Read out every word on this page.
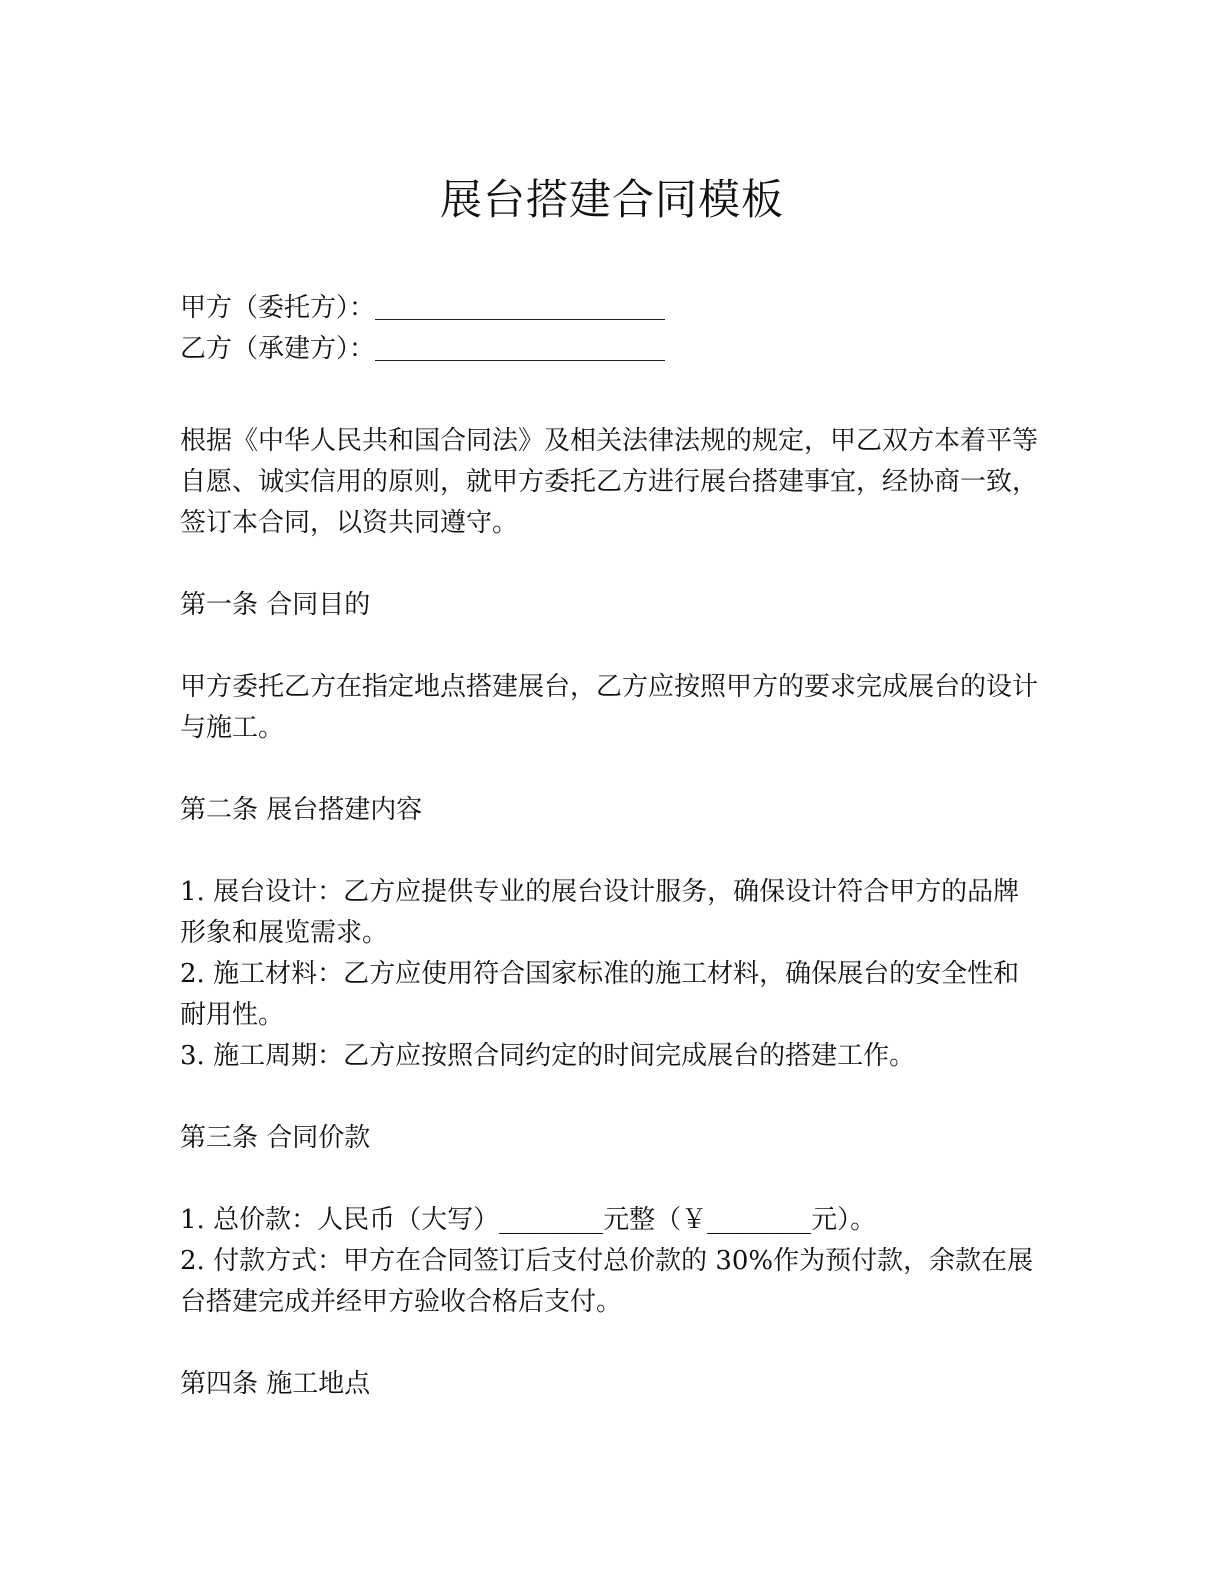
展台搭建合同模板
甲方（委托方）：
乙方（承建方）：
根据《中华人民共和国合同法》及相关法律法规的规定，甲乙双方本着平等自愿、诚实信用的原则，就甲方委托乙方进行展台搭建事宜，经协商一致，签订本合同，以资共同遵守。
第一条 合同目的
甲方委托乙方在指定地点搭建展台，乙方应按照甲方的要求完成展台的设计与施工。
第二条 展台搭建内容
1. 展台设计：乙方应提供专业的展台设计服务，确保设计符合甲方的品牌形象和展览需求。
2. 施工材料：乙方应使用符合国家标准的施工材料，确保展台的安全性和耐用性。
3. 施工周期：乙方应按照合同约定的时间完成展台的搭建工作。
第三条 合同价款
1. 总价款：人民币（大写）________元整（￥________元）。
2. 付款方式：甲方在合同签订后支付总价款的 30%作为预付款，余款在展台搭建完成并经甲方验收合格后支付。
第四条 施工地点
